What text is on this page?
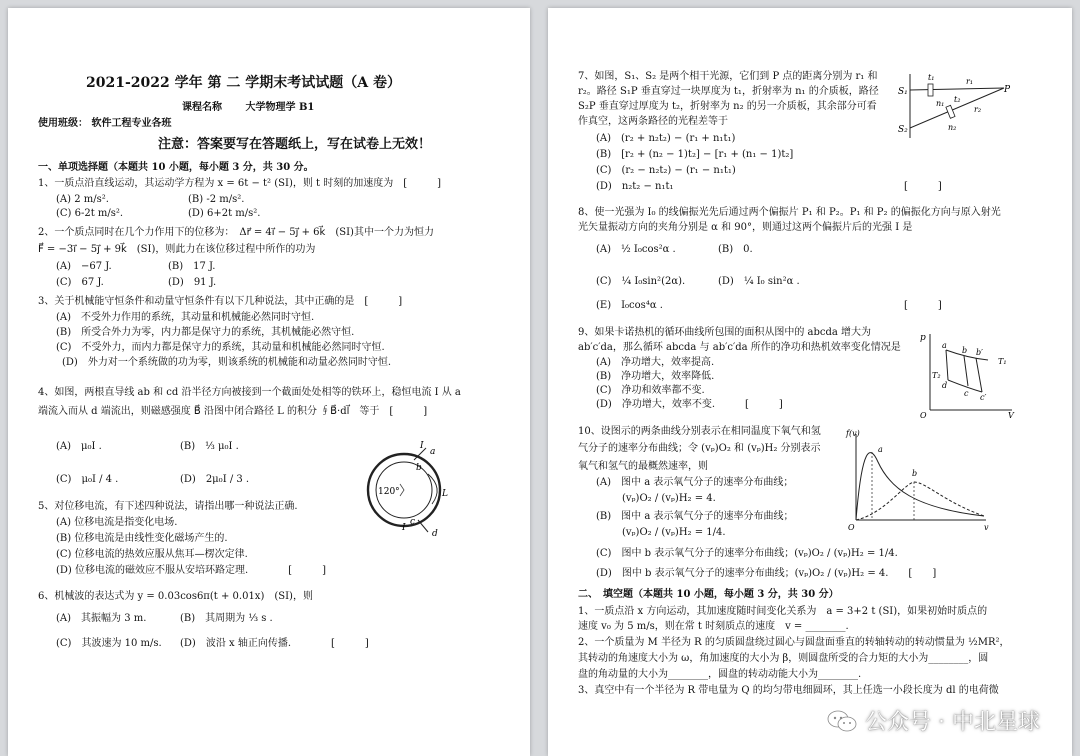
2021-2022 学年 第 二 学期末考试试题（A 卷）
课程名称 　　大学物理学 B1
使用班级： 软件工程专业各班
注意：答案要写在答题纸上，写在试卷上无效！
一、单项选择题（本题共 10 小题，每小题 3 分，共 30 分。
1、一质点沿直线运动，其运动学方程为 x = 6t − t² (SI)，则 t 时刻的加速度为　[　　　]
(A) 2 m/s².	(B) -2 m/s².
(C) 6-2t m/s².	(D) 6+2t m/s².
2、一个质点同时在几个力作用下的位移为：　Δr⃗ = 4i⃗ − 5j⃗ + 6k⃗　(SI)其中一个力为恒力
F⃗ = −3i⃗ − 5j⃗ + 9k⃗　(SI)，则此力在该位移过程中所作的功为
(A)　−67 J.	(B)　17 J.
(C)　67 J.	(D)　91 J.
3、关于机械能守恒条件和动量守恒条件有以下几种说法，其中正确的是　[　　　]
(A)　不受外力作用的系统，其动量和机械能必然同时守恒.
(B)　所受合外力为零，内力都是保守力的系统，其机械能必然守恒.
(C)　不受外力，而内力都是保守力的系统，其动量和机械能必然同时守恒.
(D)　外力对一个系统做的功为零，则该系统的机械能和动量必然同时守恒.
4、如图，两根直导线 ab 和 cd 沿半径方向被接到一个截面处处相等的铁环上，稳恒电流 I 从 a
端流入而从 d 端流出，则磁感强度 B⃗ 沿图中闭合路径 L 的积分 ∮B⃗·dl⃗　等于　[　　　]
(A)　μ₀I .	(B)　⅓ μ₀I .
(C)　μ₀I / 4 .	(D)　2μ₀I / 3 .
120°
I
a
b
c
d
L
I
5、对位移电流，有下述四种说法，请指出哪一种说法正确.
(A) 位移电流是指变化电场.
(B) 位移电流是由线性变化磁场产生的.
(C) 位移电流的热效应服从焦耳—楞次定律.
(D) 位移电流的磁效应不服从安培环路定理.　　　　[　　　]
6、机械波的表达式为 y = 0.03cos6π(t + 0.01x)　(SI)，则
(A)　其振幅为 3 m.	(B)　其周期为 ⅓ s .
(C)　其波速为 10 m/s. (D)　波沿 x 轴正向传播.　　　　[　　　]
7、如图，S₁、S₂ 是两个相干光源，它们到 P 点的距离分别为 r₁ 和
r₂。路径 S₁P 垂直穿过一块厚度为 t₁，折射率为 n₁ 的介质板，路径
S₂P 垂直穿过厚度为 t₂，折射率为 n₂ 的另一介质板，其余部分可看
作真空，这两条路径的光程差等于
(A)　(r₂ + n₂t₂) − (r₁ + n₁t₁)
(B)　[r₂ + (n₂ − 1)t₂] − [r₁ + (n₁ − 1)t₂]
(C)　(r₂ − n₂t₂) − (r₁ − n₁t₁)
(D)　n₂t₂ − n₁t₁	[　　　]
S₁
S₂
t₁	r₁
n₁ t₂
r₂
n₂
P
8、使一光强为 I₀ 的线偏振光先后通过两个偏振片 P₁ 和 P₂。P₁ 和 P₂ 的偏振化方向与原入射光
光矢量振动方向的夹角分别是 α 和 90°，则通过这两个偏振片后的光强 I 是
(A)　½ I₀cos²α .	(B)　0.
(C)　¼ I₀sin²(2α).	(D)　¼ I₀ sin²α .
(E)　I₀cos⁴α .	[　　　]
9、如果卡诺热机的循环曲线所包围的面积从图中的 abcda 增大为
ab′c′da，那么循环 abcda 与 ab′c′da 所作的净功和热机效率变化情况是
(A)　净功增大，效率提高.
(B)　净功增大，效率降低.
(C)　净功和效率都不变.
(D)　净功增大，效率不变.　　　[　　　]
p
a
b b′
T₁
T₂
d
c c′
O	V
10、设图示的两条曲线分别表示在相同温度下氧气和氢
气分子的速率分布曲线；令 (vₚ)O₂ 和 (vₚ)H₂ 分别表示
氧气和氢气的最概然速率，则
(A)　图中 a 表示氧气分子的速率分布曲线；
(vₚ)O₂ / (vₚ)H₂ = 4.
(B)　图中 a 表示氧气分子的速率分布曲线；
(vₚ)O₂ / (vₚ)H₂ = 1/4.
(C)　图中 b 表示氧气分子的速率分布曲线；(vₚ)O₂ / (vₚ)H₂ = 1/4.
(D)　图中 b 表示氧气分子的速率分布曲线；(vₚ)O₂ / (vₚ)H₂ = 4.　　[　　]
f(v)
a
b
O	v
二、　填空题（本题共 10 小题，每小题 3 分，共 30 分）
1、一质点沿 x 方向运动，其加速度随时间变化关系为　a = 3+2 t (SI)，如果初始时质点的
速度 v₀ 为 5 m/s，则在常 t 时刻质点的速度　v = ________.
2、一个质量为 M 半径为 R 的匀质圆盘绕过圆心与圆盘面垂直的转轴转动的转动惯量为 ½MR²，
其转动的角速度大小为 ω，角加速度的大小为 β，则圆盘所受的合力矩的大小为________，圆
盘的角动量的大小为________，圆盘的转动动能大小为________.
3、真空中有一个半径为 R 带电量为 Q 的均匀带电细圆环，其上任选一小段长度为 dl 的电荷微
公众号 · 中北星球
